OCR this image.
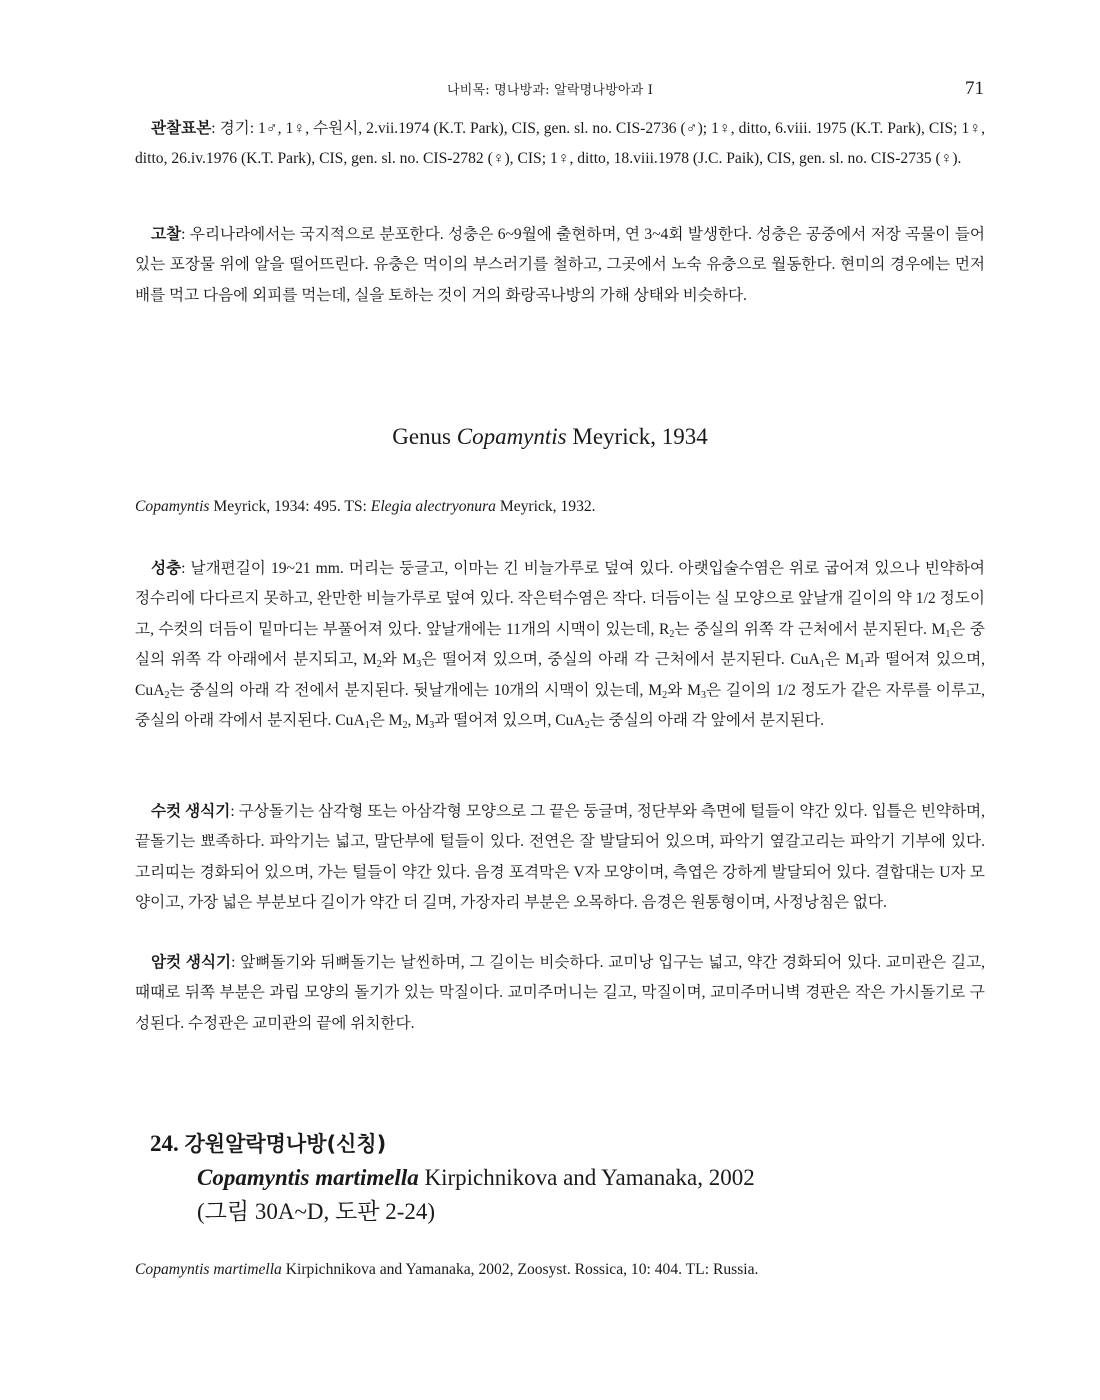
나비목: 명나방과: 알락명나방아과 I	71

관찰표본: 경기: 1♂, 1♀, 수원시, 2.vii.1974 (K.T. Park), CIS, gen. sl. no. CIS-2736 (♂); 1♀, ditto, 6.viii. 1975 (K.T. Park), CIS; 1♀, ditto, 26.iv.1976 (K.T. Park), CIS, gen. sl. no. CIS-2782 (♀), CIS; 1♀, ditto, 18.viii.1978 (J.C. Paik), CIS, gen. sl. no. CIS-2735 (♀).

고찰: 우리나라에서는 국지적으로 분포한다. 성충은 6~9월에 출현하며, 연 3~4회 발생한다. 성충은 공중에서 저장 곡물이 들어 있는 포장물 위에 알을 떨어뜨린다. 유충은 먹이의 부스러기를 철하고, 그곳에서 노숙 유충으로 월동한다. 현미의 경우에는 먼저 배를 먹고 다음에 외피를 먹는데, 실을 토하는 것이 거의 화랑곡나방의 가해 상태와 비슷하다.

Genus Copamyntis Meyrick, 1934
Copamyntis Meyrick, 1934: 495. TS: Elegia alectryonura Meyrick, 1932.

성충: 날개편길이 19~21 mm. 머리는 둥글고, 이마는 긴 비늘가루로 덮여 있다. 아랫입술수염은 위로 굽어져 있으나 빈약하여 정수리에 다다르지 못하고, 완만한 비늘가루로 덮여 있다. 작은턱수염은 작다. 더듬이는 실 모양으로 앞날개 길이의 약 1/2 정도이고, 수컷의 더듬이 밑마디는 부풀어져 있다. 앞날개에는 11개의 시맥이 있는데, $R_2$는 중실의 위쪽 각 근처에서 분지된다. $M_1$은 중실의 위쪽 각 아래에서 분지되고, $M_2$와 $M_3$은 떨어져 있으며, 중실의 아래 각 근처에서 분지된다. CuA$_1$은 $M_1$과 떨어져 있으며, CuA$_2$는 중실의 아래 각 전에서 분지된다. 뒷날개에는 10개의 시맥이 있는데, $M_2$와 $M_3$은 길이의 1/2 정도가 같은 자루를 이루고, 중실의 아래 각에서 분지된다. CuA$_1$은 $M_2$, $M_3$과 떨어져 있으며, CuA$_2$는 중실의 아래 각 앞에서 분지된다.

수컷 생식기: 구상돌기는 삼각형 또는 아삼각형 모양으로 그 끝은 둥글며, 정단부와 측면에 털들이 약간 있다. 입틀은 빈약하며, 끝돌기는 뾰족하다. 파악기는 넓고, 말단부에 털들이 있다. 전연은 잘 발달되어 있으며, 파악기 옆갈고리는 파악기 기부에 있다. 고리띠는 경화되어 있으며, 가는 털들이 약간 있다. 음경 포격막은 V자 모양이며, 측엽은 강하게 발달되어 있다. 결합대는 U자 모양이고, 가장 넓은 부분보다 길이가 약간 더 길며, 가장자리 부분은 오목하다. 음경은 원통형이며, 사정낭침은 없다.

암컷 생식기: 앞뼈돌기와 뒤뼈돌기는 날씬하며, 그 길이는 비슷하다. 교미낭 입구는 넓고, 약간 경화되어 있다. 교미관은 길고, 때때로 뒤쪽 부분은 과립 모양의 돌기가 있는 막질이다. 교미주머니는 길고, 막질이며, 교미주머니벽 경판은 작은 가시돌기로 구성된다. 수정관은 교미관의 끝에 위치한다.

24. 강원알락명나방(신칭)
Copamyntis martimella Kirpichnikova and Yamanaka, 2002
(그림 30A~D, 도판 2-24)
Copamyntis martimella Kirpichnikova and Yamanaka, 2002, Zoosyst. Rossica, 10: 404. TL: Russia.
